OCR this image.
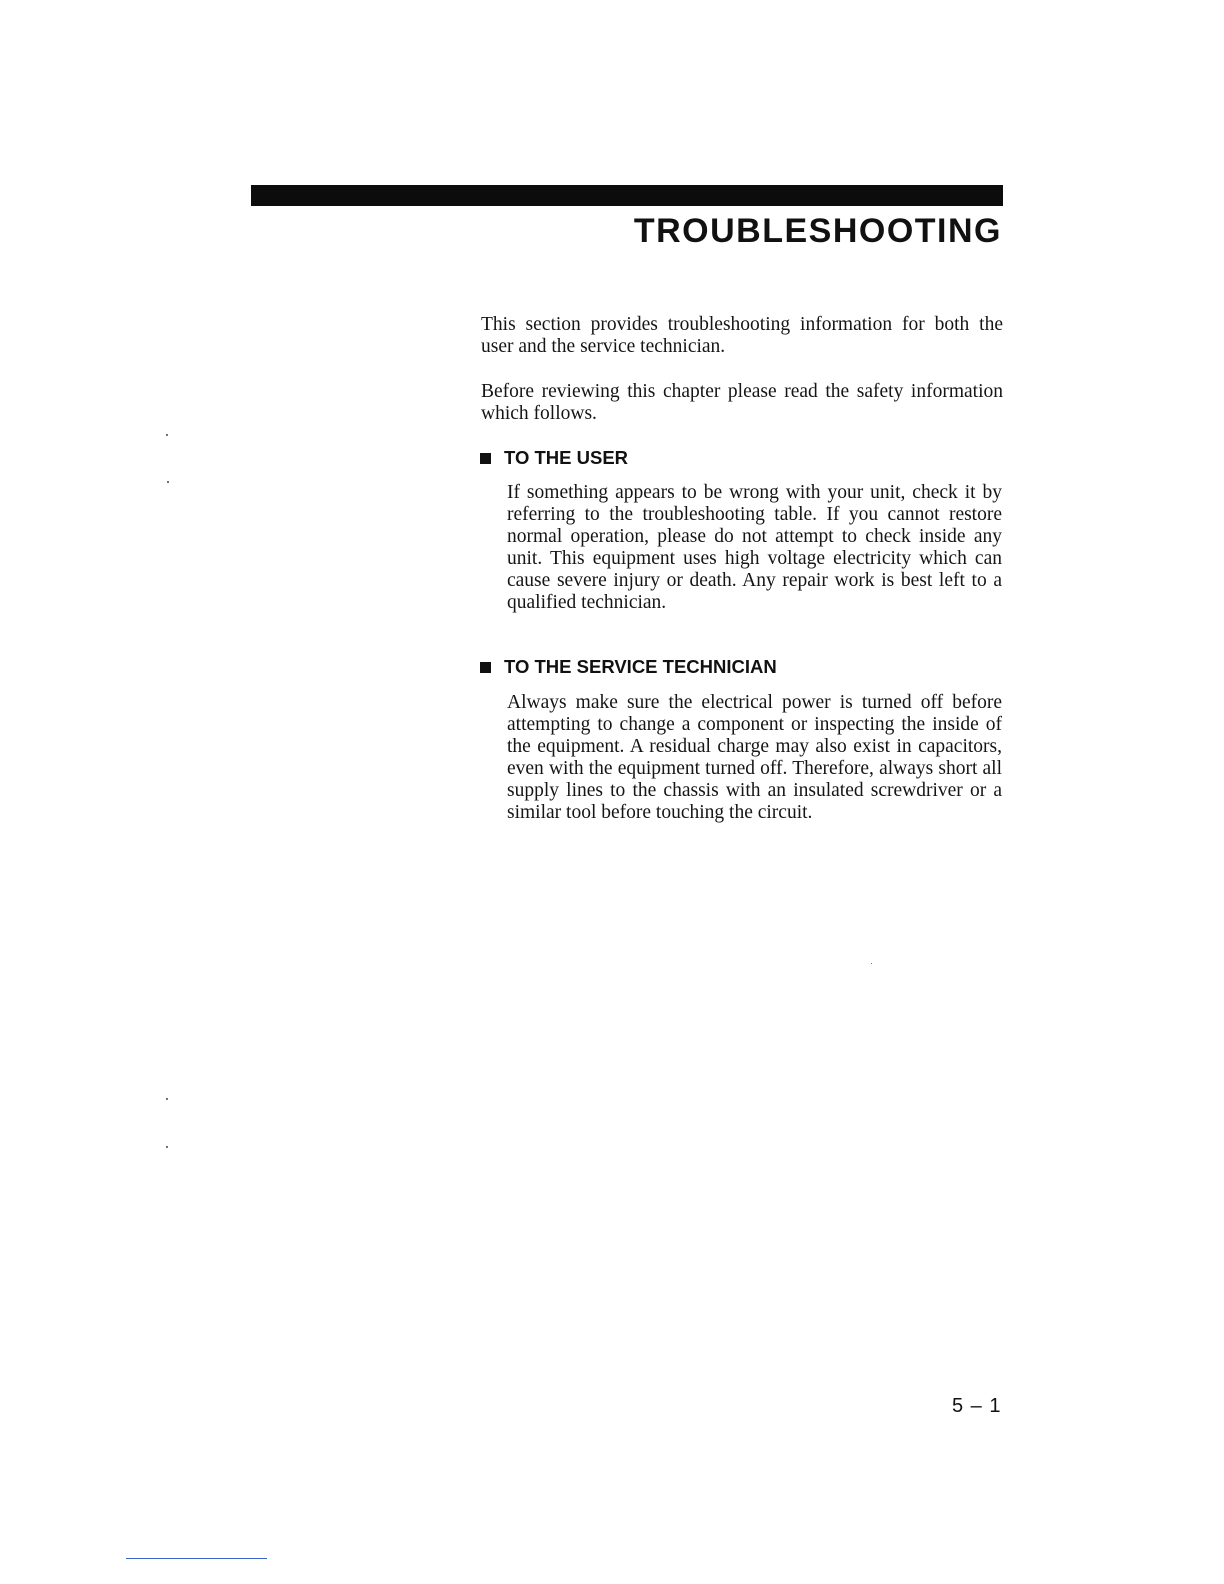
TROUBLESHOOTING

This section provides troubleshooting information for both the user and the service technician.

Before reviewing this chapter please read the safety information which follows.

TO THE USER

If something appears to be wrong with your unit, check it by referring to the troubleshooting table. If you cannot restore normal operation, please do not attempt to check inside any unit. This equipment uses high voltage electricity which can cause severe injury or death. Any repair work is best left to a qualified technician.

TO THE SERVICE TECHNICIAN

Always make sure the electrical power is turned off before attempting to change a component or inspecting the inside of the equipment. A residual charge may also exist in capacitors, even with the equipment turned off. Therefore, always short all supply lines to the chassis with an insulated screwdriver or a similar tool before touching the circuit.

5 – 1
